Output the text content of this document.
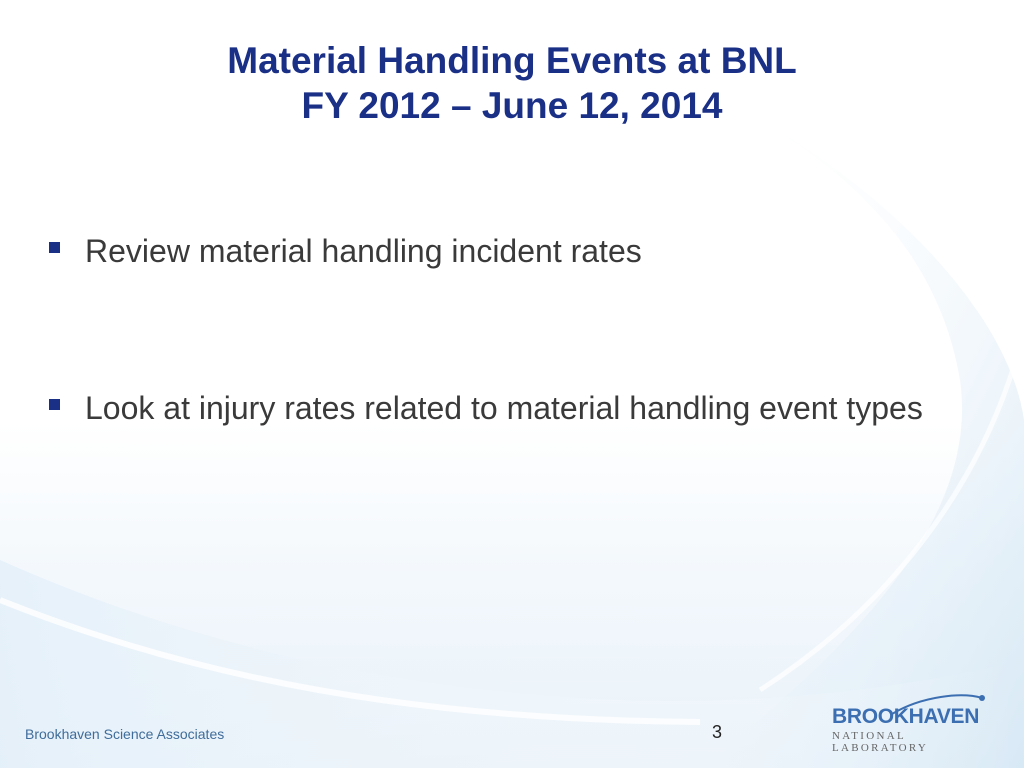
Material Handling Events at BNL
FY 2012 – June 12, 2014
Review material handling incident rates
Look at injury rates related to material handling event types
Brookhaven Science Associates	3
BROOKHAVEN
NATIONAL LABORATORY
